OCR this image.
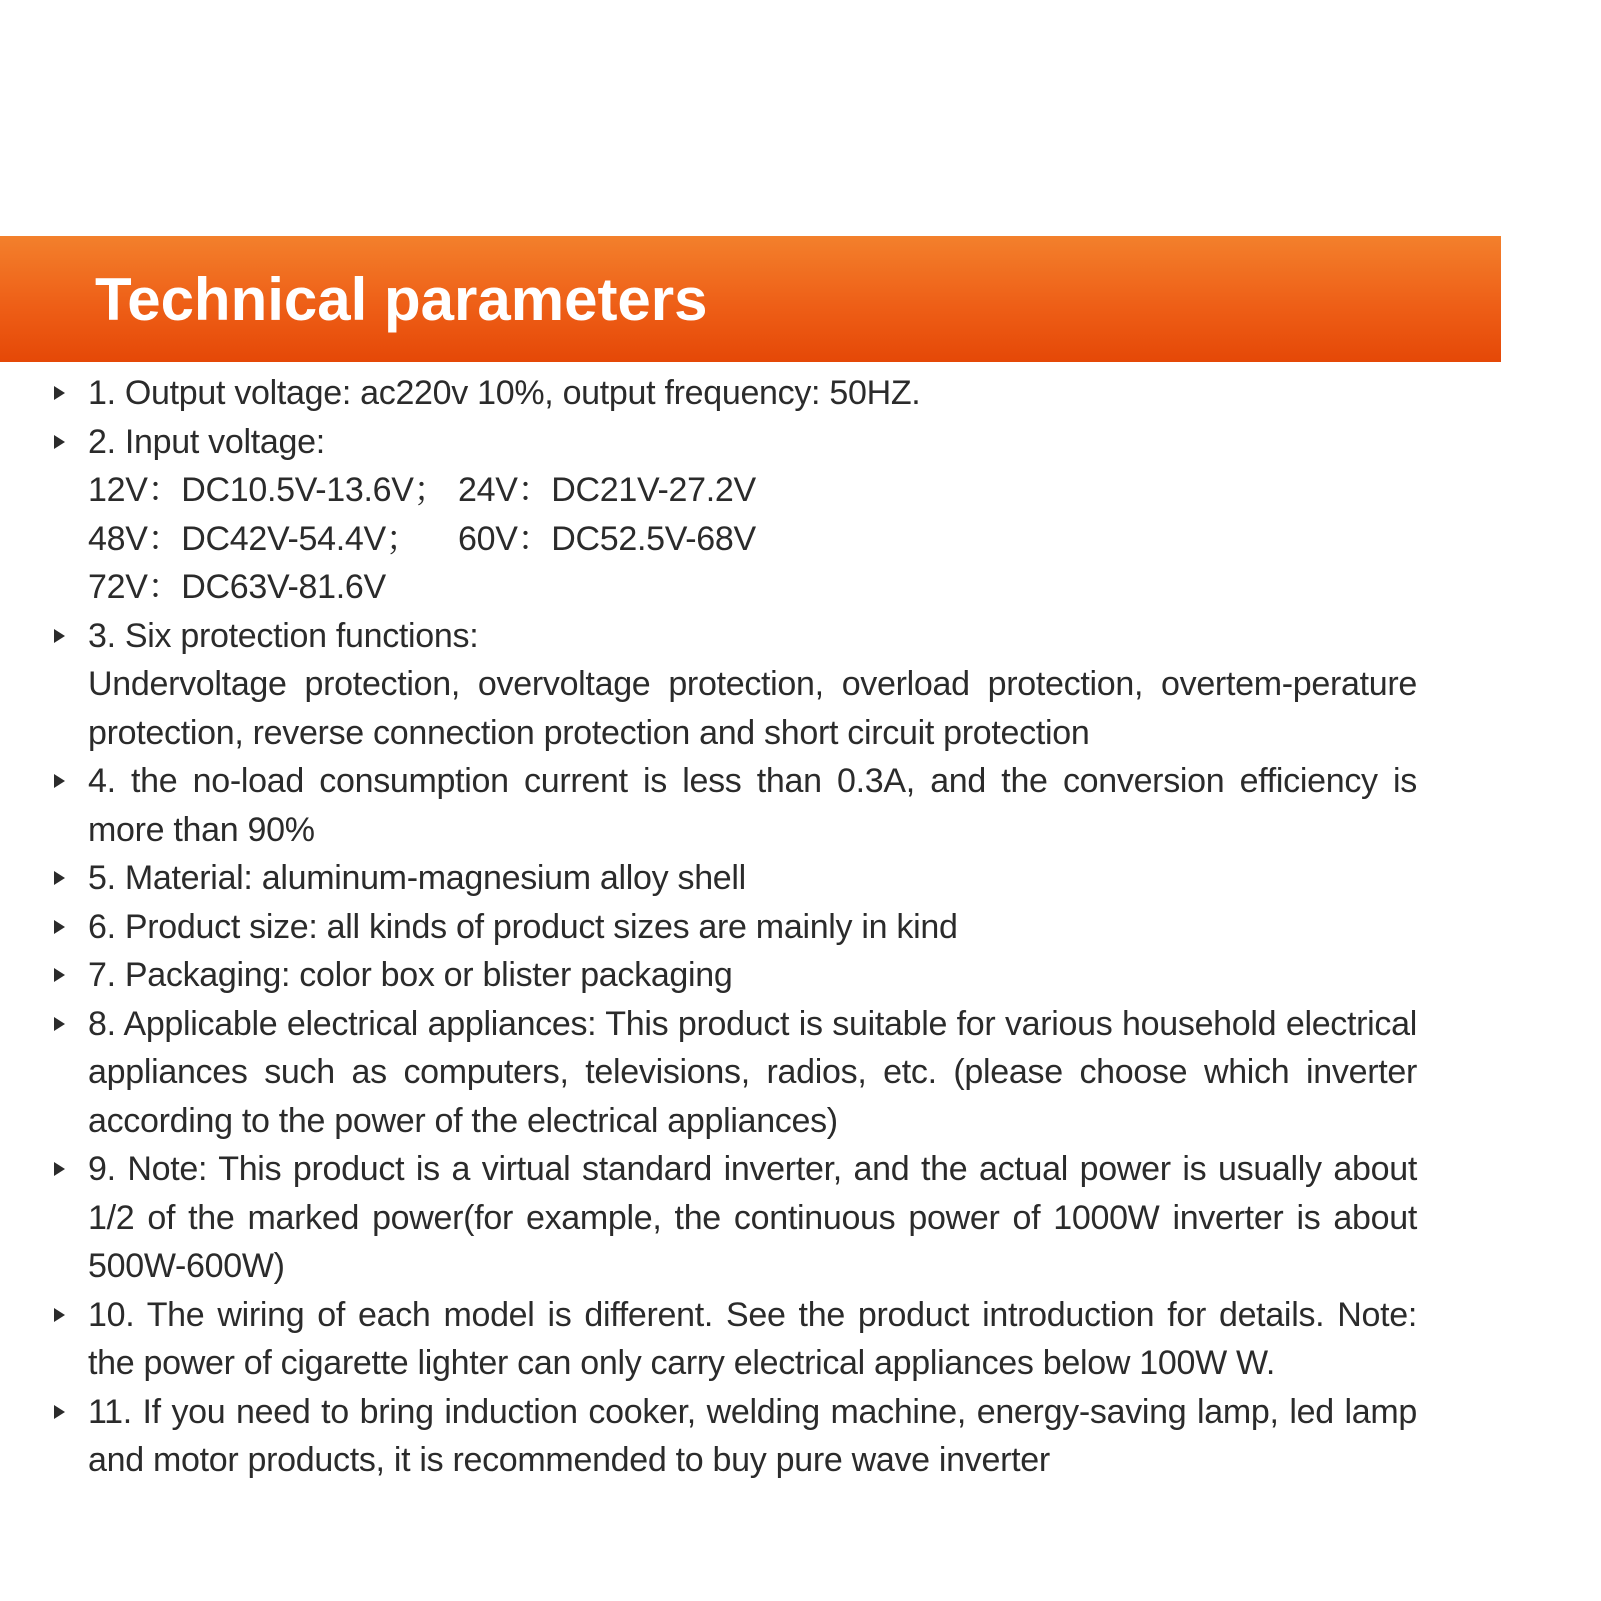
Technical parameters
1. Output voltage: ac220v 10%, output frequency: 50HZ.
2. Input voltage:
12V：DC10.5V-13.6V； 24V：DC21V-27.2V
48V：DC42V-54.4V；	60V：DC52.5V-68V
72V：DC63V-81.6V
3. Six protection functions:
Undervoltage protection, overvoltage protection, overload protection, overtem-perature protection, reverse connection protection and short circuit protection
4. the no-load consumption current is less than 0.3A, and the conversion efficiency is more than 90%
5. Material: aluminum-magnesium alloy shell
6. Product size: all kinds of product sizes are mainly in kind
7. Packaging: color box or blister packaging
8. Applicable electrical appliances: This product is suitable for various household electrical appliances such as computers, televisions, radios, etc. (please choose which inverter according to the power of the electrical appliances)
9. Note: This product is a virtual standard inverter, and the actual power is usually about 1/2 of the marked power(for example, the continuous power of 1000W inverter is about 500W-600W)
10. The wiring of each model is different. See the product introduction for details. Note: the power of cigarette lighter can only carry electrical appliances below 100W W.
11. If you need to bring induction cooker, welding machine, energy-saving lamp, led lamp and motor products, it is recommended to buy pure wave inverter
